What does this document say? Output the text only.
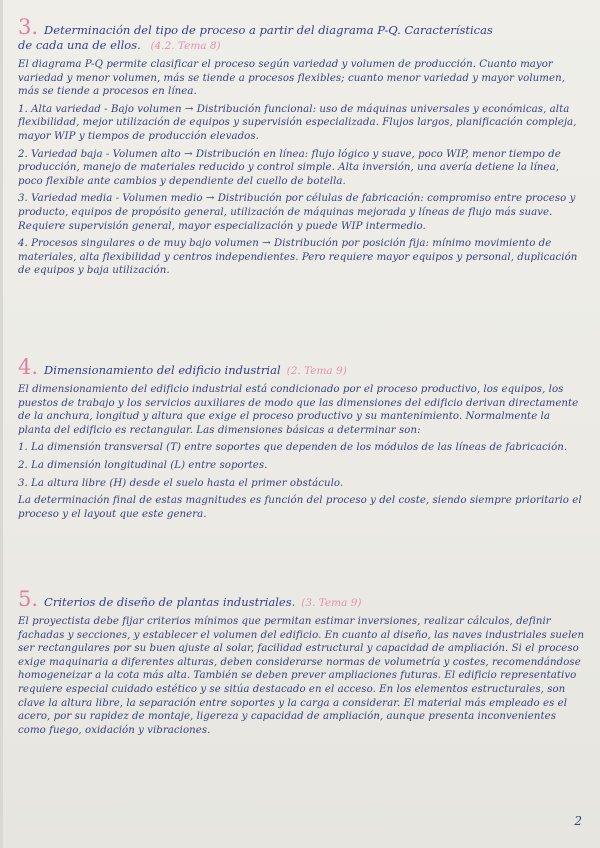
3. Determinación del tipo de proceso a partir del diagrama P-Q. Características
de cada una de ellos. (4.2. Tema 8)

El diagrama P-Q permite clasificar el proceso según variedad y volumen de producción. Cuanto mayor variedad y menor volumen, más se tiende a procesos flexibles; cuanto menor variedad y mayor volumen, más se tiende a procesos en línea.

1. Alta variedad - Bajo volumen → Distribución funcional: uso de máquinas universales y económicas, alta flexibilidad, mejor utilización de equipos y supervisión especializada. Flujos largos, planificación compleja, mayor WIP y tiempos de producción elevados.

2. Variedad baja - Volumen alto → Distribución en línea: flujo lógico y suave, poco WIP, menor tiempo de producción, manejo de materiales reducido y control simple. Alta inversión, una avería detiene la línea, poco flexible ante cambios y dependiente del cuello de botella.

3. Variedad media - Volumen medio → Distribución por células de fabricación: compromiso entre proceso y producto, equipos de propósito general, utilización de máquinas mejorada y líneas de flujo más suave. Requiere supervisión general, mayor especialización y puede WIP intermedio.

4. Procesos singulares o de muy bajo volumen → Distribución por posición fija: mínimo movimiento de materiales, alta flexibilidad y centros independientes. Pero requiere mayor equipos y personal, duplicación de equipos y baja utilización.

4. Dimensionamiento del edificio industrial (2. Tema 9)

El dimensionamiento del edificio industrial está condicionado por el proceso productivo, los equipos, los puestos de trabajo y los servicios auxiliares de modo que las dimensiones del edificio derivan directamente de la anchura, longitud y altura que exige el proceso productivo y su mantenimiento. Normalmente la planta del edificio es rectangular. Las dimensiones básicas a determinar son:

1. La dimensión transversal (T) entre soportes que dependen de los módulos de las líneas de fabricación.

2. La dimensión longitudinal (L) entre soportes.

3. La altura libre (H) desde el suelo hasta el primer obstáculo.

La determinación final de estas magnitudes es función del proceso y del coste, siendo siempre prioritario el proceso y el layout que este genera.

5. Criterios de diseño de plantas industriales. (3. Tema 9)

El proyectista debe fijar criterios mínimos que permitan estimar inversiones, realizar cálculos, definir fachadas y secciones, y establecer el volumen del edificio. En cuanto al diseño, las naves industriales suelen ser rectangulares por su buen ajuste al solar, facilidad estructural y capacidad de ampliación. Si el proceso exige maquinaria a diferentes alturas, deben considerarse normas de volumetría y costes, recomendándose homogeneizar a la cota más alta. También se deben prever ampliaciones futuras. El edificio representativo requiere especial cuidado estético y se sitúa destacado en el acceso. En los elementos estructurales, son clave la altura libre, la separación entre soportes y la carga a considerar. El material más empleado es el acero, por su rapidez de montaje, ligereza y capacidad de ampliación, aunque presenta inconvenientes como fuego, oxidación y vibraciones.

2
